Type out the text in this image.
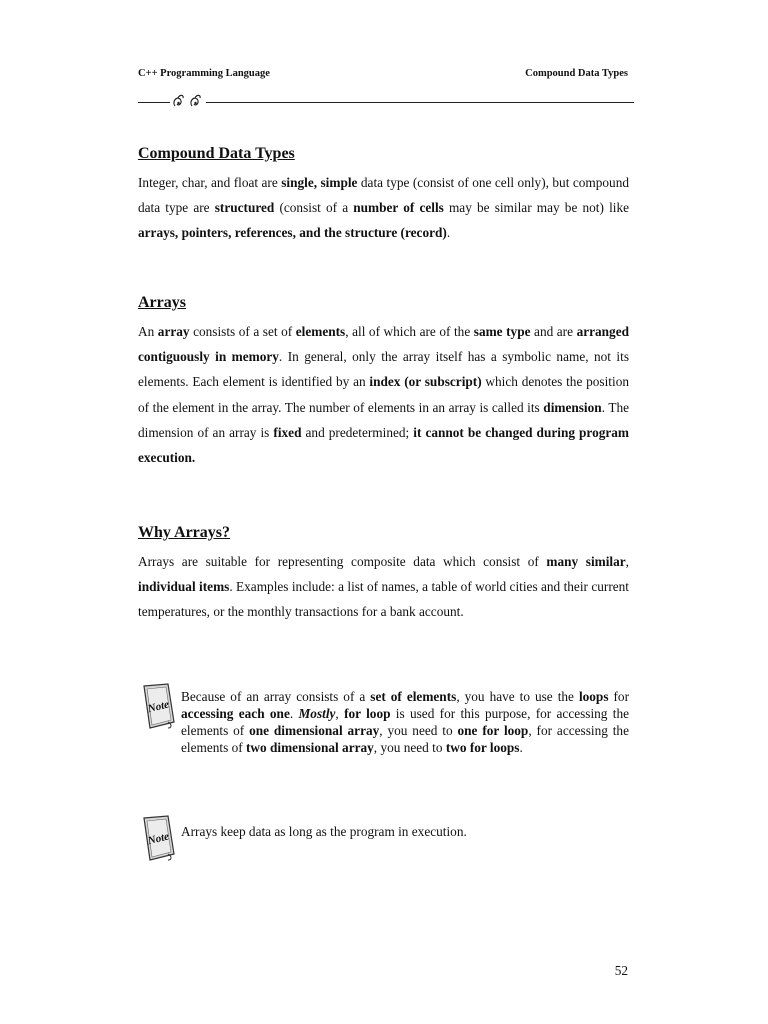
C++ Programming Language	Compound Data Types
Compound Data Types

Integer, char, and float are single, simple data type (consist of one cell only), but compound data type are structured (consist of a number of cells may be similar may be not) like arrays, pointers, references, and the structure (record).

Arrays

An array consists of a set of elements, all of which are of the same type and are arranged contiguously in memory. In general, only the array itself has a symbolic name, not its elements. Each element is identified by an index (or subscript) which denotes the position of the element in the array. The number of elements in an array is called its dimension. The dimension of an array is fixed and predetermined; it cannot be changed during program execution.

Why Arrays?

Arrays are suitable for representing composite data which consist of many similar, individual items. Examples include: a list of names, a table of world cities and their current temperatures, or the monthly transactions for a bank account.

Note

Because of an array consists of a set of elements, you have to use the loops for accessing each one. Mostly, for loop is used for this purpose, for accessing the elements of one dimensional array, you need to one for loop, for accessing the elements of two dimensional array, you need to two for loops.

Note Arrays keep data as long as the program in execution.

52
